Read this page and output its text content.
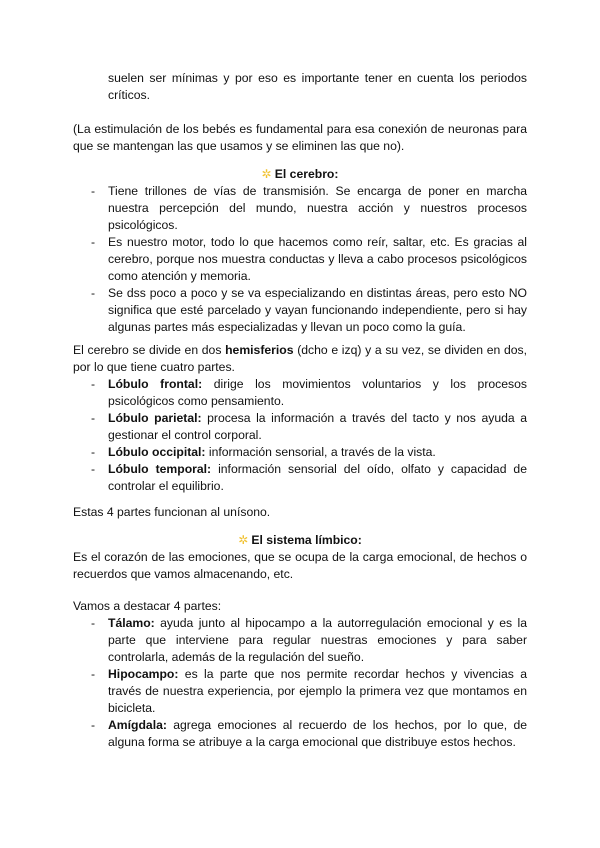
suelen ser mínimas y por eso es importante tener en cuenta los periodos críticos.

(La estimulación de los bebés es fundamental para esa conexión de neuronas para que se mantengan las que usamos y se eliminen las que no).

✲ El cerebro:
- Tiene trillones de vías de transmisión. Se encarga de poner en marcha nuestra percepción del mundo, nuestra acción y nuestros procesos psicológicos.
- Es nuestro motor, todo lo que hacemos como reír, saltar, etc. Es gracias al cerebro, porque nos muestra conductas y lleva a cabo procesos psicológicos como atención y memoria.
- Se dss poco a poco y se va especializando en distintas áreas, pero esto NO significa que esté parcelado y vayan funcionando independiente, pero si hay algunas partes más especializadas y llevan un poco como la guía.

El cerebro se divide en dos hemisferios (dcho e izq) y a su vez, se dividen en dos, por lo que tiene cuatro partes.

- Lóbulo frontal: dirige los movimientos voluntarios y los procesos psicológicos como pensamiento.
- Lóbulo parietal: procesa la información a través del tacto y nos ayuda a gestionar el control corporal.
- Lóbulo occipital: información sensorial, a través de la vista.
- Lóbulo temporal: información sensorial del oído, olfato y capacidad de controlar el equilibrio.

Estas 4 partes funcionan al unísono.

✲ El sistema límbico:

Es el corazón de las emociones, que se ocupa de la carga emocional, de hechos o recuerdos que vamos almacenando, etc.

Vamos a destacar 4 partes:

- Tálamo: ayuda junto al hipocampo a la autorregulación emocional y es la parte que interviene para regular nuestras emociones y para saber controlarla, además de la regulación del sueño.
- Hipocampo: es la parte que nos permite recordar hechos y vivencias a través de nuestra experiencia, por ejemplo la primera vez que montamos en bicicleta.
- Amígdala: agrega emociones al recuerdo de los hechos, por lo que, de alguna forma se atribuye a la carga emocional que distribuye estos hechos.
